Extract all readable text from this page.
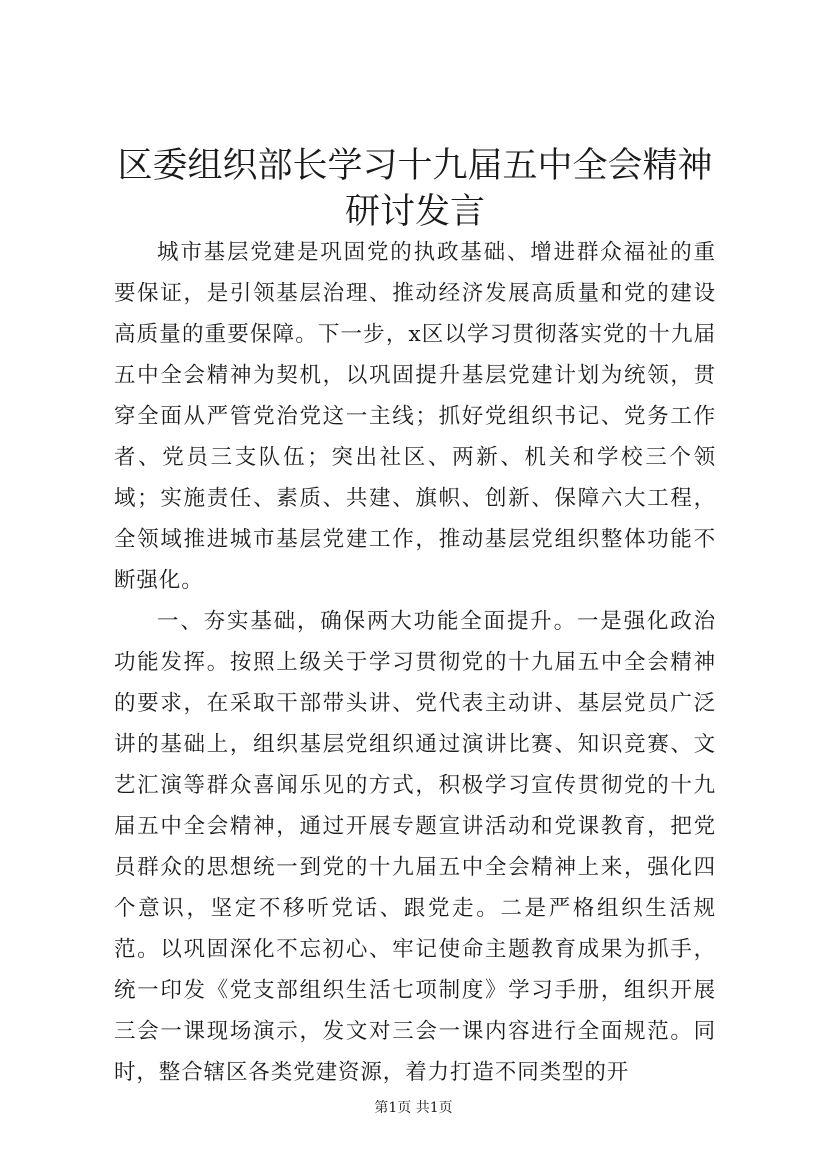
区委组织部长学习十九届五中全会精神研讨发言

城市基层党建是巩固党的执政基础、增进群众福祉的重要保证，是引领基层治理、推动经济发展高质量和党的建设高质量的重要保障。下一步，x区以学习贯彻落实党的十九届五中全会精神为契机，以巩固提升基层党建计划为统领，贯穿全面从严管党治党这一主线；抓好党组织书记、党务工作者、党员三支队伍；突出社区、两新、机关和学校三个领域；实施责任、素质、共建、旗帜、创新、保障六大工程，全领域推进城市基层党建工作，推动基层党组织整体功能不断强化。

一、夯实基础，确保两大功能全面提升。一是强化政治功能发挥。按照上级关于学习贯彻党的十九届五中全会精神的要求，在采取干部带头讲、党代表主动讲、基层党员广泛讲的基础上，组织基层党组织通过演讲比赛、知识竞赛、文艺汇演等群众喜闻乐见的方式，积极学习宣传贯彻党的十九届五中全会精神，通过开展专题宣讲活动和党课教育，把党员群众的思想统一到党的十九届五中全会精神上来，强化四个意识，坚定不移听党话、跟党走。二是严格组织生活规范。以巩固深化不忘初心、牢记使命主题教育成果为抓手，统一印发《党支部组织生活七项制度》学习手册，组织开展三会一课现场演示，发文对三会一课内容进行全面规范。同时，整合辖区各类党建资源，着力打造不同类型的开

第1页 共1页
